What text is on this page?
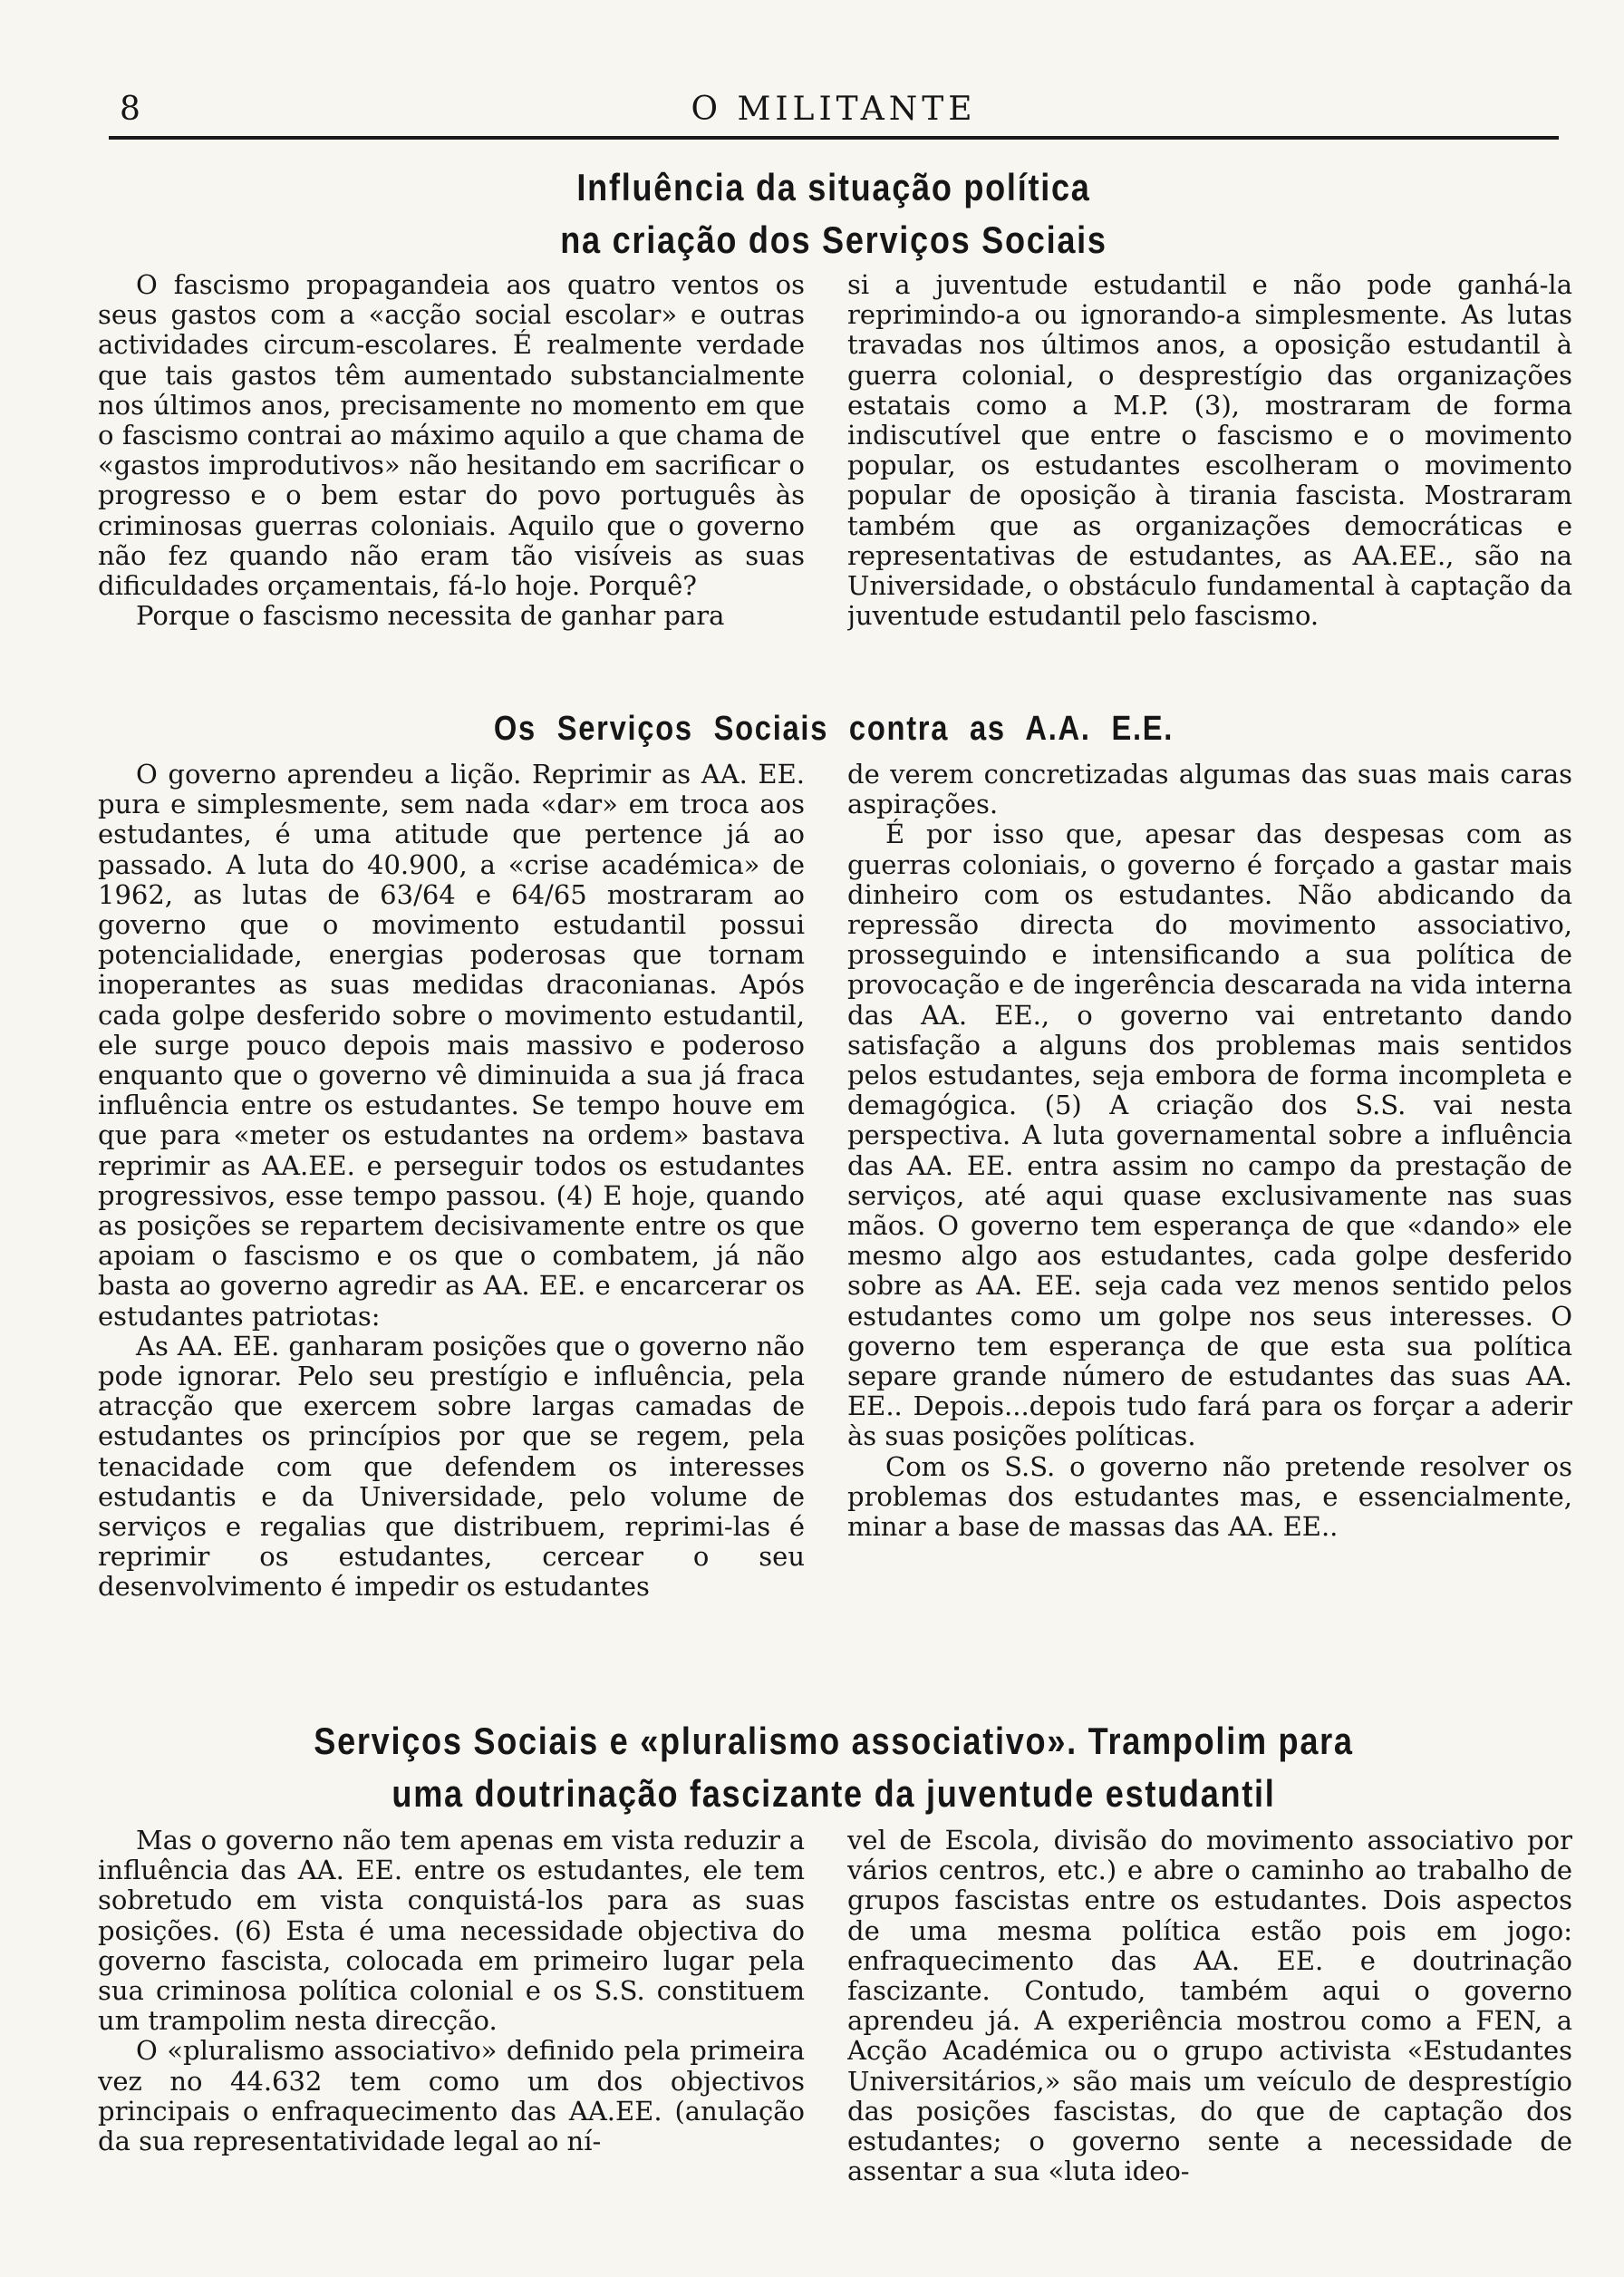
8	O MILITANTE
Influência da situação política
na criação dos Serviços Sociais

O fascismo propagandeia aos quatro ventos os seus gastos com a «acção social escolar» e outras actividades circum-escolares. É realmente verdade que tais gastos têm aumentado substancialmente nos últimos anos, precisamente no momento em que o fascismo contrai ao máximo aquilo a que chama de «gastos improdutivos» não hesitando em sacrificar o progresso e o bem estar do povo português às criminosas guerras coloniais. Aquilo que o governo não fez quando não eram tão visíveis as suas dificuldades orçamentais, fá-lo hoje. Porquê?

Porque o fascismo necessita de ganhar para

si a juventude estudantil e não pode ganhá-la reprimindo-a ou ignorando-a simplesmente. As lutas travadas nos últimos anos, a oposição estudantil à guerra colonial, o desprestígio das organizações estatais como a M.P. (3), mostraram de forma indiscutível que entre o fascismo e o movimento popular, os estudantes escolheram o movimento popular de oposição à tirania fascista. Mostraram também que as organizações democráticas e representativas de estudantes, as AA.EE., são na Universidade, o obstáculo fundamental à captação da juventude estudantil pelo fascismo.

Os Serviços Sociais contra as A.A. E.E.

O governo aprendeu a lição. Reprimir as AA. EE. pura e simplesmente, sem nada «dar» em troca aos estudantes, é uma atitude que pertence já ao passado. A luta do 40.900, a «crise académica» de 1962, as lutas de 63/64 e 64/65 mostraram ao governo que o movimento estudantil possui potencialidade, energias poderosas que tornam inoperantes as suas medidas draconianas. Após cada golpe desferido sobre o movimento estudantil, ele surge pouco depois mais massivo e poderoso enquanto que o governo vê diminuida a sua já fraca influência entre os estudantes. Se tempo houve em que para «meter os estudantes na ordem» bastava reprimir as AA.EE. e perseguir todos os estudantes progressivos, esse tempo passou. (4) E hoje, quando as posições se repartem decisivamente entre os que apoiam o fascismo e os que o combatem, já não basta ao governo agredir as AA. EE. e encarcerar os estudantes patriotas:

As AA. EE. ganharam posições que o governo não pode ignorar. Pelo seu prestígio e influência, pela atracção que exercem sobre largas camadas de estudantes os princípios por que se regem, pela tenacidade com que defendem os interesses estudantis e da Universidade, pelo volume de serviços e regalias que distribuem, reprimi-las é reprimir os estudantes, cercear o seu desenvolvimento é impedir os estudantes

de verem concretizadas algumas das suas mais caras aspirações.

É por isso que, apesar das despesas com as guerras coloniais, o governo é forçado a gastar mais dinheiro com os estudantes. Não abdicando da repressão directa do movimento associativo, prosseguindo e intensificando a sua política de provocação e de ingerência descarada na vida interna das AA. EE., o governo vai entretanto dando satisfação a alguns dos problemas mais sentidos pelos estudantes, seja embora de forma incompleta e demagógica. (5) A criação dos S.S. vai nesta perspectiva. A luta governamental sobre a influência das AA. EE. entra assim no campo da prestação de serviços, até aqui quase exclusivamente nas suas mãos. O governo tem esperança de que «dando» ele mesmo algo aos estudantes, cada golpe desferido sobre as AA. EE. seja cada vez menos sentido pelos estudantes como um golpe nos seus interesses. O governo tem esperança de que esta sua política separe grande número de estudantes das suas AA. EE.. Depois...depois tudo fará para os forçar a aderir às suas posições políticas.

Com os S.S. o governo não pretende resolver os problemas dos estudantes mas, e essencialmente, minar a base de massas das AA. EE..

Serviços Sociais e «pluralismo associativo». Trampolim para
uma doutrinação fascizante da juventude estudantil

Mas o governo não tem apenas em vista reduzir a influência das AA. EE. entre os estudantes, ele tem sobretudo em vista conquistá-los para as suas posições. (6) Esta é uma necessidade objectiva do governo fascista, colocada em primeiro lugar pela sua criminosa política colonial e os S.S. constituem um trampolim nesta direcção.

O «pluralismo associativo» definido pela primeira vez no 44.632 tem como um dos objectivos principais o enfraquecimento das AA.EE. (anulação da sua representatividade legal ao ní-

vel de Escola, divisão do movimento associativo por vários centros, etc.) e abre o caminho ao trabalho de grupos fascistas entre os estudantes. Dois aspectos de uma mesma política estão pois em jogo: enfraquecimento das AA. EE. e doutrinação fascizante. Contudo, também aqui o governo aprendeu já. A experiência mostrou como a FEN, a Acção Académica ou o grupo activista «Estudantes Universitários,» são mais um veículo de desprestígio das posições fascistas, do que de captação dos estudantes; o governo sente a necessidade de assentar a sua «luta ideo-
